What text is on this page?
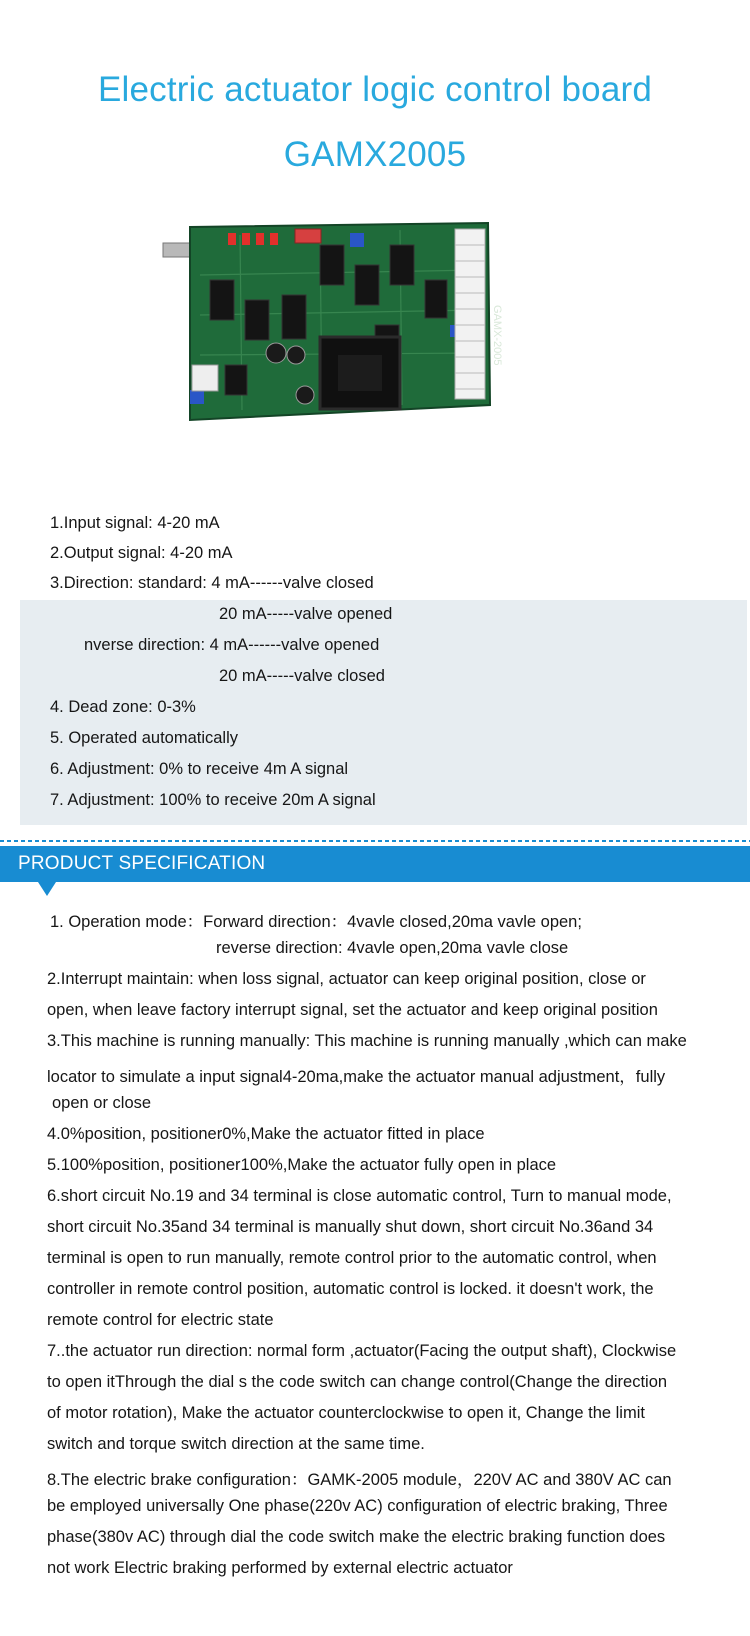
Electric actuator logic control board
GAMX2005
GAMX-2005
1.Input signal: 4-20 mA
2.Output signal: 4-20 mA
3.Direction: standard: 4 mA------valve closed
20 mA-----valve opened
nverse direction: 4 mA------valve opened
20 mA-----valve closed
4. Dead zone: 0-3%
5. Operated automatically
6. Adjustment: 0% to receive 4m A signal
7. Adjustment: 100% to receive 20m A signal
PRODUCT SPECIFICATION
1. Operation mode：Forward direction：4vavle closed,20ma vavle open;
reverse direction: 4vavle open,20ma vavle close
2.Interrupt maintain: when loss signal, actuator can keep original position, close or
open, when leave factory interrupt signal, set the actuator and keep original position
3.This machine is running manually: This machine is running manually ,which can make
locator to simulate a input signal4-20ma,make the actuator manual adjustment，fully
open or close
4.0%position, positioner0%,Make the actuator fitted in place
5.100%position, positioner100%,Make the actuator fully open in place
6.short circuit No.19 and 34 terminal is close automatic control, Turn to manual mode,
short circuit No.35and 34 terminal is manually shut down, short circuit No.36and 34
terminal is open to run manually, remote control prior to the automatic control, when
controller in remote control position, automatic control is locked. it doesn't work, the
remote control for electric state
7..the actuator run direction: normal form ,actuator(Facing the output shaft), Clockwise
to open itThrough the dial s the code switch can change control(Change the direction
of motor rotation), Make the actuator counterclockwise to open it, Change the limit
switch and torque switch direction at the same time.
8.The electric brake configuration：GAMK-2005 module，220V AC and 380V AC can
be employed universally One phase(220v AC) configuration of electric braking, Three
phase(380v AC) through dial the code switch make the electric braking function does
not work Electric braking performed by external electric actuator
